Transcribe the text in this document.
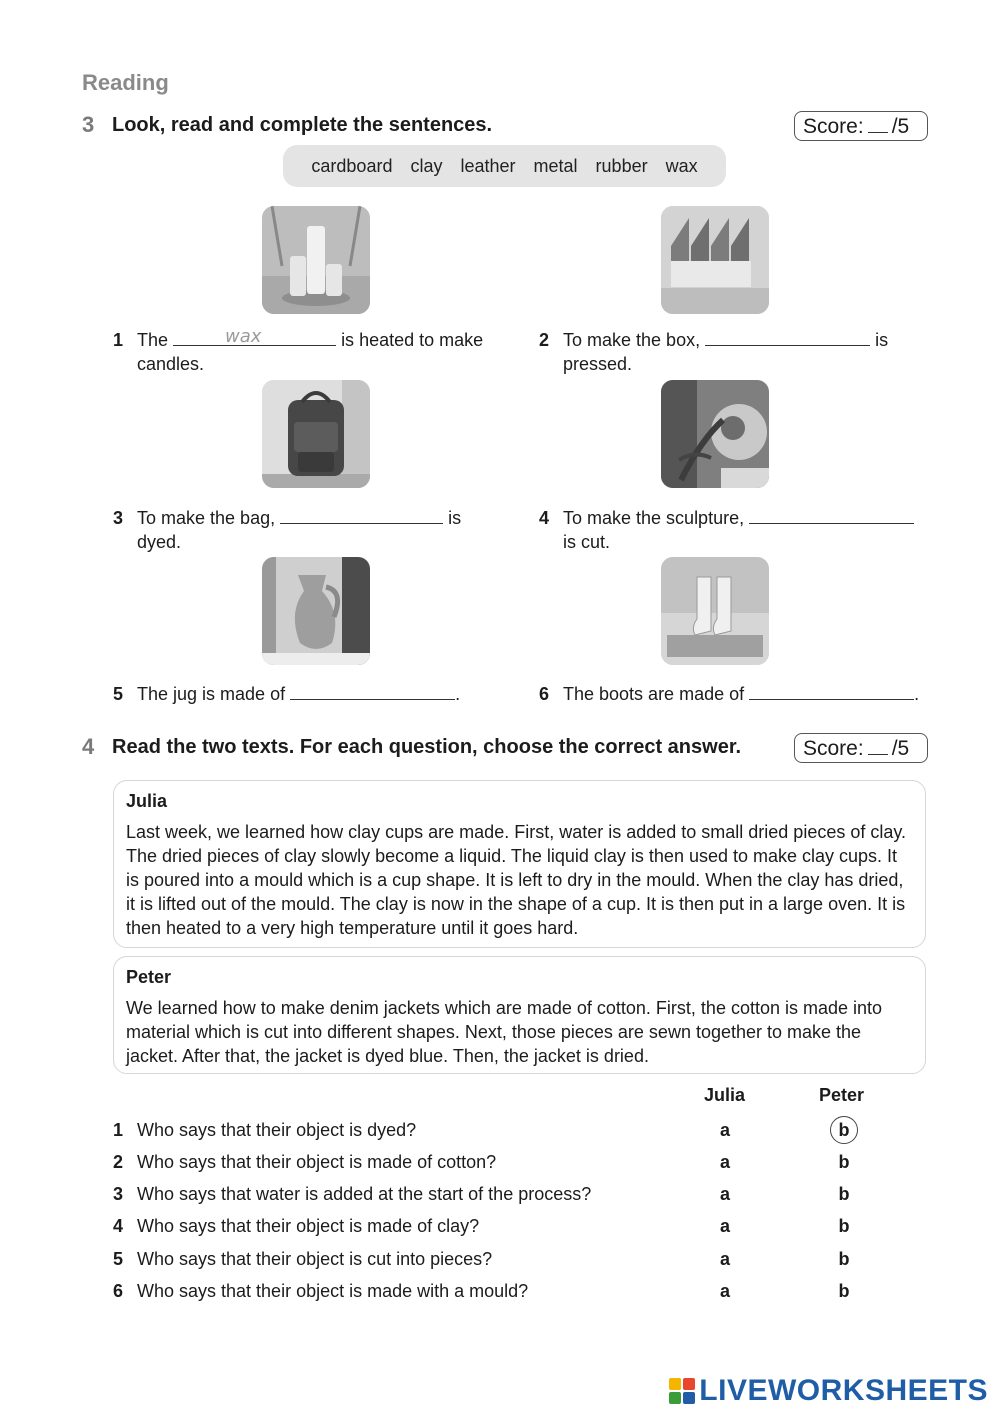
Reading
3 Look, read and complete the sentences.	Score: /5
cardboard clay leather metal rubber wax
1 The	wax	is heated to make
candles.
2 To make the box,	is
pressed.
3 To make the bag,	is
dyed.
4 To make the sculpture,
is cut.
5 The jug is made of	.	6 The boots are made of	.
4 Read the two texts. For each question, choose the correct answer.	Score: /5
Julia
Last week, we learned how clay cups are made. First, water is added to small dried pieces of clay. The dried pieces of clay slowly become a liquid. The liquid clay is then used to make clay cups. It is poured into a mould which is a cup shape. It is left to dry in the mould. When the clay has dried, it is lifted out of the mould. The clay is now in the shape of a cup. It is then put in a large oven. It is then heated to a very high temperature until it goes hard.
Peter
We learned how to make denim jackets which are made of cotton. First, the cotton is made into material which is cut into different shapes. Next, those pieces are sewn together to make the jacket. After that, the jacket is dyed blue. Then, the jacket is dried.
Julia	Peter
1 Who says that their object is dyed?	a	b
2 Who says that their object is made of cotton?	a	b
3 Who says that water is added at the start of the process?	a	b
4 Who says that their object is made of clay?	a	b
5 Who says that their object is cut into pieces?	a	b
6 Who says that their object is made with a mould?	a	b
LIVEWORKSHEETS
